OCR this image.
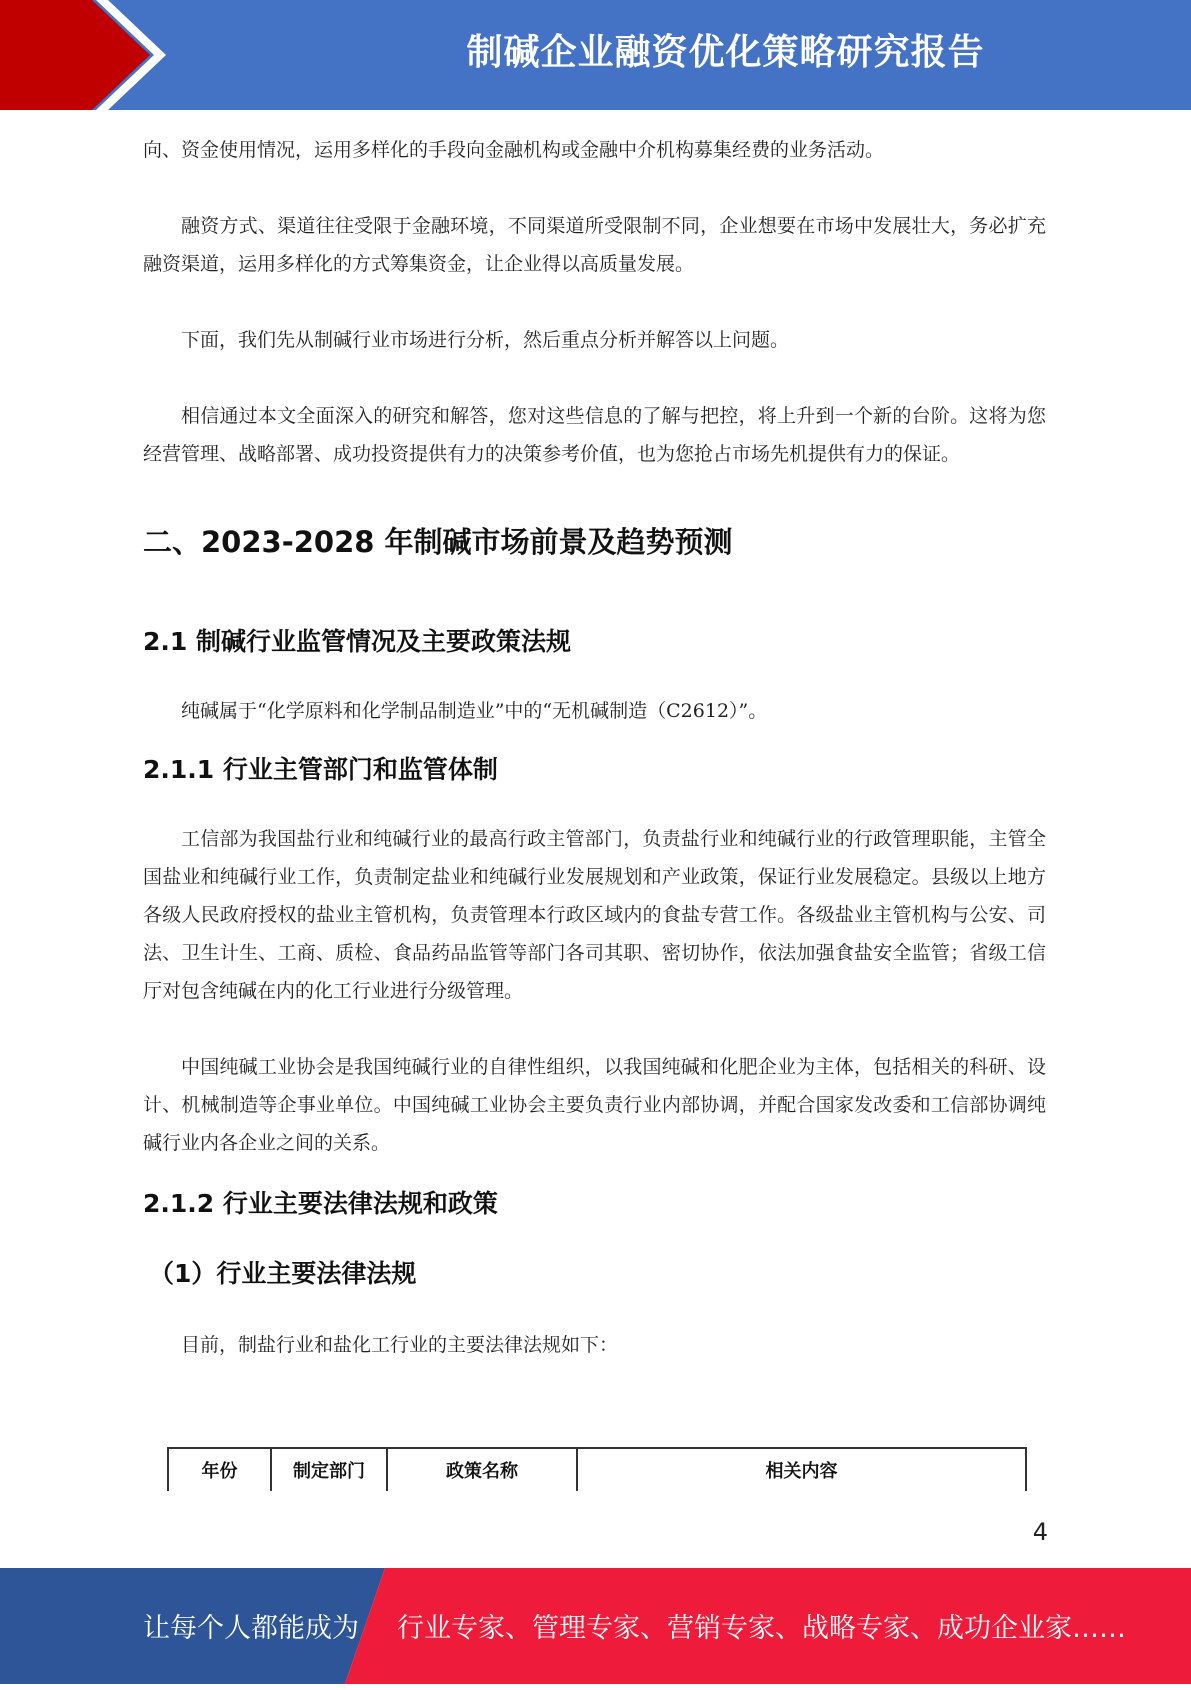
制碱企业融资优化策略研究报告

向、资金使用情况，运用多样化的手段向金融机构或金融中介机构募集经费的业务活动。

融资方式、渠道往往受限于金融环境，不同渠道所受限制不同，企业想要在市场中发展壮大，务必扩充融资渠道，运用多样化的方式筹集资金，让企业得以高质量发展。

下面，我们先从制碱行业市场进行分析，然后重点分析并解答以上问题。

相信通过本文全面深入的研究和解答，您对这些信息的了解与把控，将上升到一个新的台阶。这将为您经营管理、战略部署、成功投资提供有力的决策参考价值，也为您抢占市场先机提供有力的保证。

二、2023-2028 年制碱市场前景及趋势预测
2.1 制碱行业监管情况及主要政策法规

纯碱属于“化学原料和化学制品制造业”中的“无机碱制造（C2612）”。

2.1.1 行业主管部门和监管体制

工信部为我国盐行业和纯碱行业的最高行政主管部门，负责盐行业和纯碱行业的行政管理职能，主管全国盐业和纯碱行业工作，负责制定盐业和纯碱行业发展规划和产业政策，保证行业发展稳定。县级以上地方各级人民政府授权的盐业主管机构，负责管理本行政区域内的食盐专营工作。各级盐业主管机构与公安、司法、卫生计生、工商、质检、食品药品监管等部门各司其职、密切协作，依法加强食盐安全监管；省级工信厅对包含纯碱在内的化工行业进行分级管理。

中国纯碱工业协会是我国纯碱行业的自律性组织，以我国纯碱和化肥企业为主体，包括相关的科研、设计、机械制造等企事业单位。中国纯碱工业协会主要负责行业内部协调，并配合国家发改委和工信部协调纯碱行业内各企业之间的关系。

2.1.2 行业主要法律法规和政策
（1）行业主要法律法规

目前，制盐行业和盐化工行业的主要法律法规如下：

年份	制定部门	政策名称	相关内容
4
让每个人都能成为 行业专家、管理专家、营销专家、战略专家、成功企业家……
